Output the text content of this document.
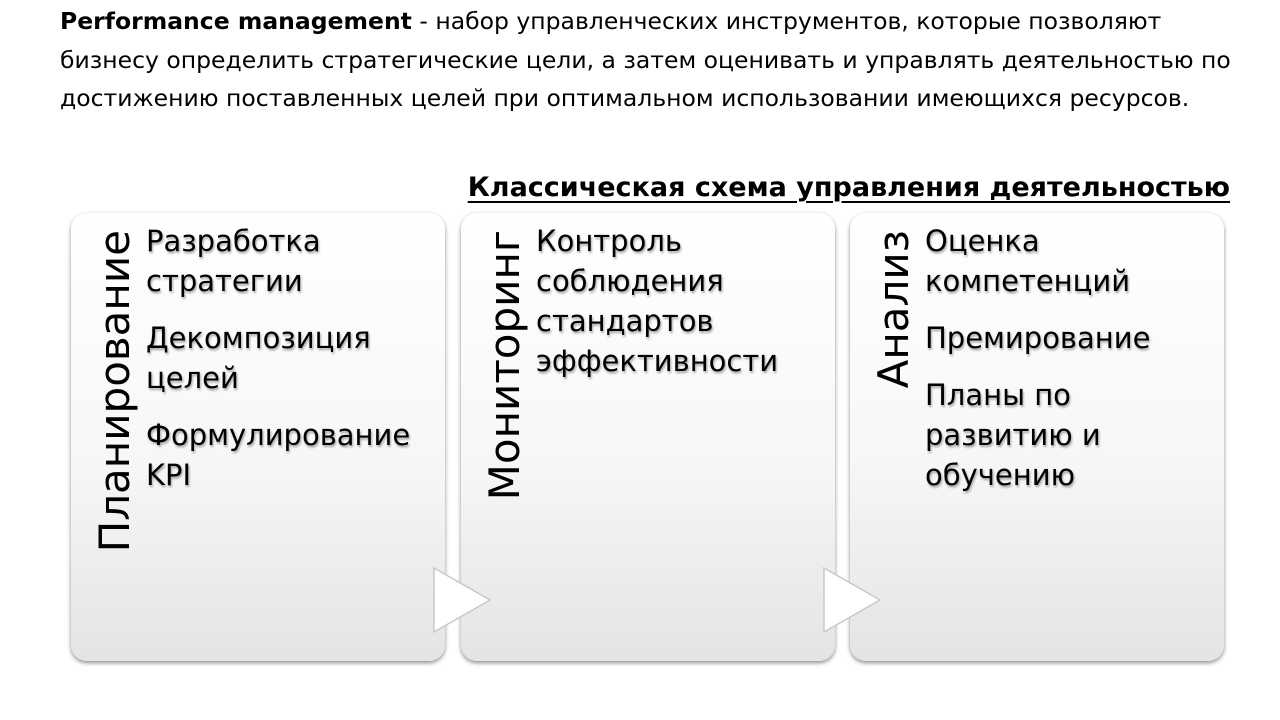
Performance management - набор управленческих инструментов, которые позволяют бизнесу определить стратегические цели, а затем оценивать и управлять деятельностью по достижению поставленных целей при оптимальном использовании имеющихся ресурсов.

Классическая схема управления деятельностью
Планирование Разработка стратегии
Декомпозиция целей
Формулирование KPI	Мониторинг Контроль соблюдения стандартов эффективности	Анализ Оценка компетенций
Премирование
Планы по развитию и обучению
